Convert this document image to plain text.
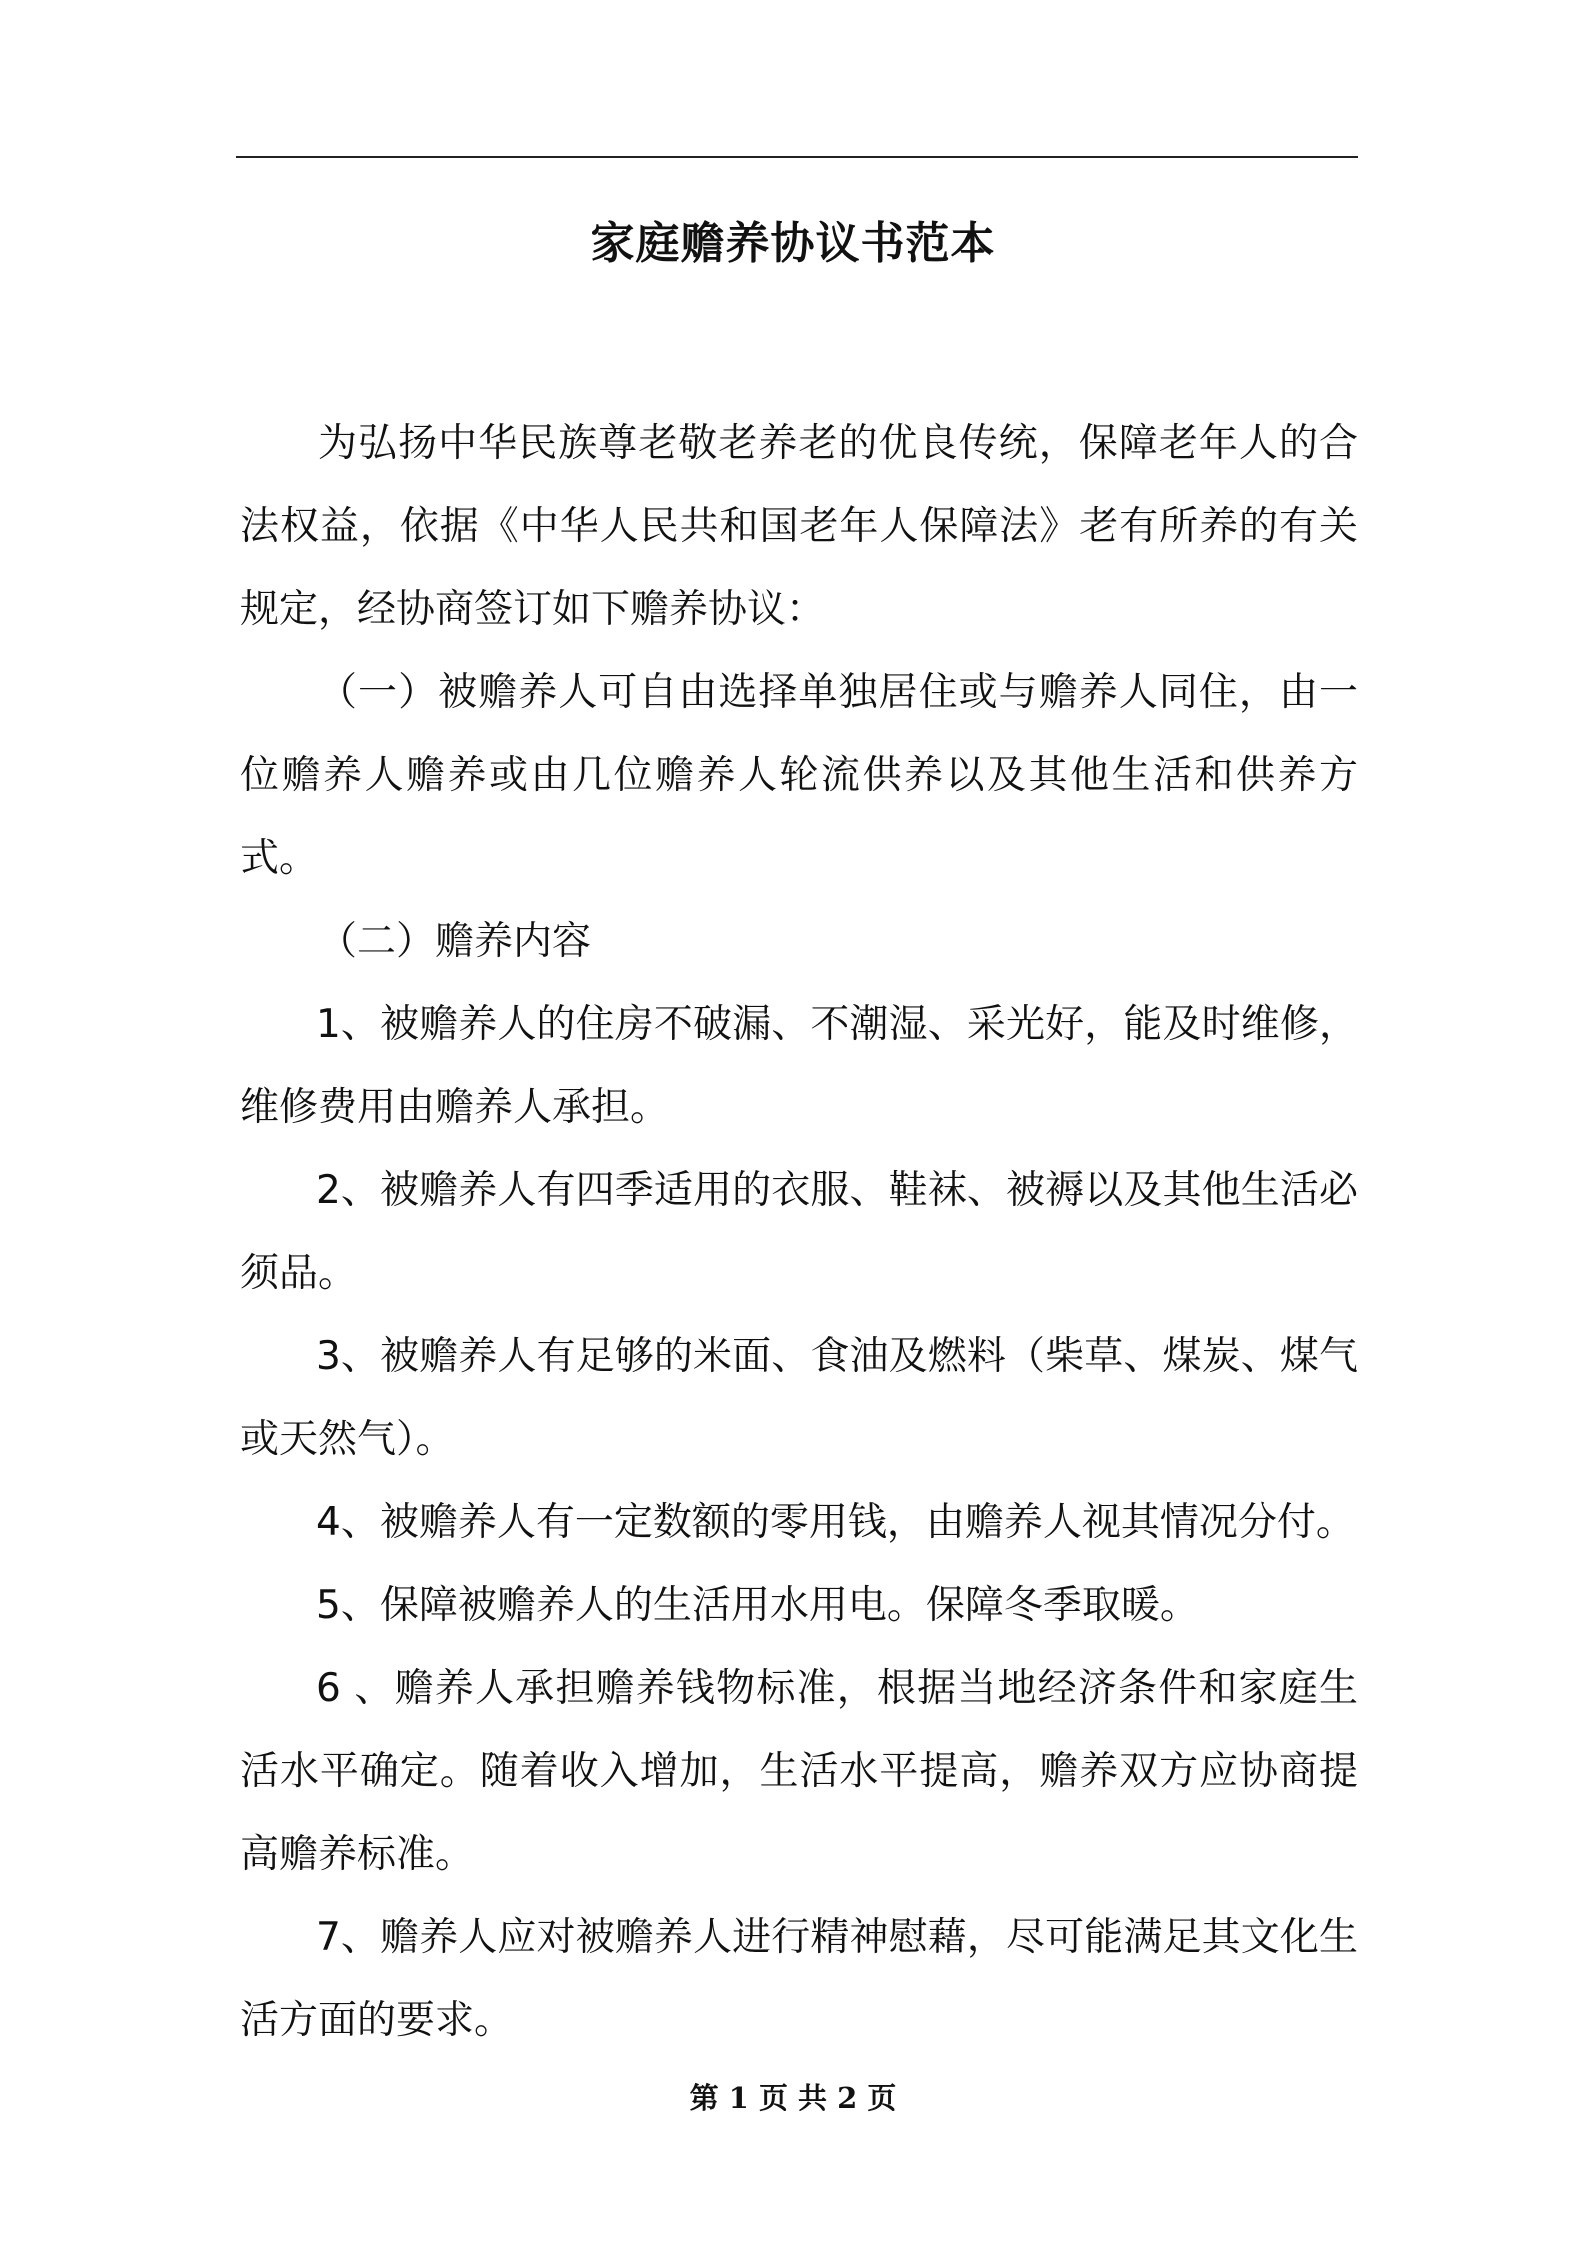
家庭赡养协议书范本

为弘扬中华民族尊老敬老养老的优良传统，保障老年人的合法权益，依据《中华人民共和国老年人保障法》老有所养的有关规定，经协商签订如下赡养协议：

（一）被赡养人可自由选择单独居住或与赡养人同住，由一位赡养人赡养或由几位赡养人轮流供养以及其他生活和供养方式。

（二）赡养内容

1、被赡养人的住房不破漏、不潮湿、采光好，能及时维修，维修费用由赡养人承担。

2、被赡养人有四季适用的衣服、鞋袜、被褥以及其他生活必须品。

3、被赡养人有足够的米面、食油及燃料（柴草、煤炭、煤气或天然气）。

4、被赡养人有一定数额的零用钱，由赡养人视其情况分付。

5、保障被赡养人的生活用水用电。保障冬季取暖。

6 、赡养人承担赡养钱物标准，根据当地经济条件和家庭生活水平确定。随着收入增加，生活水平提高，赡养双方应协商提高赡养标准。

7、赡养人应对被赡养人进行精神慰藉，尽可能满足其文化生活方面的要求。

第 1 页 共 2 页
